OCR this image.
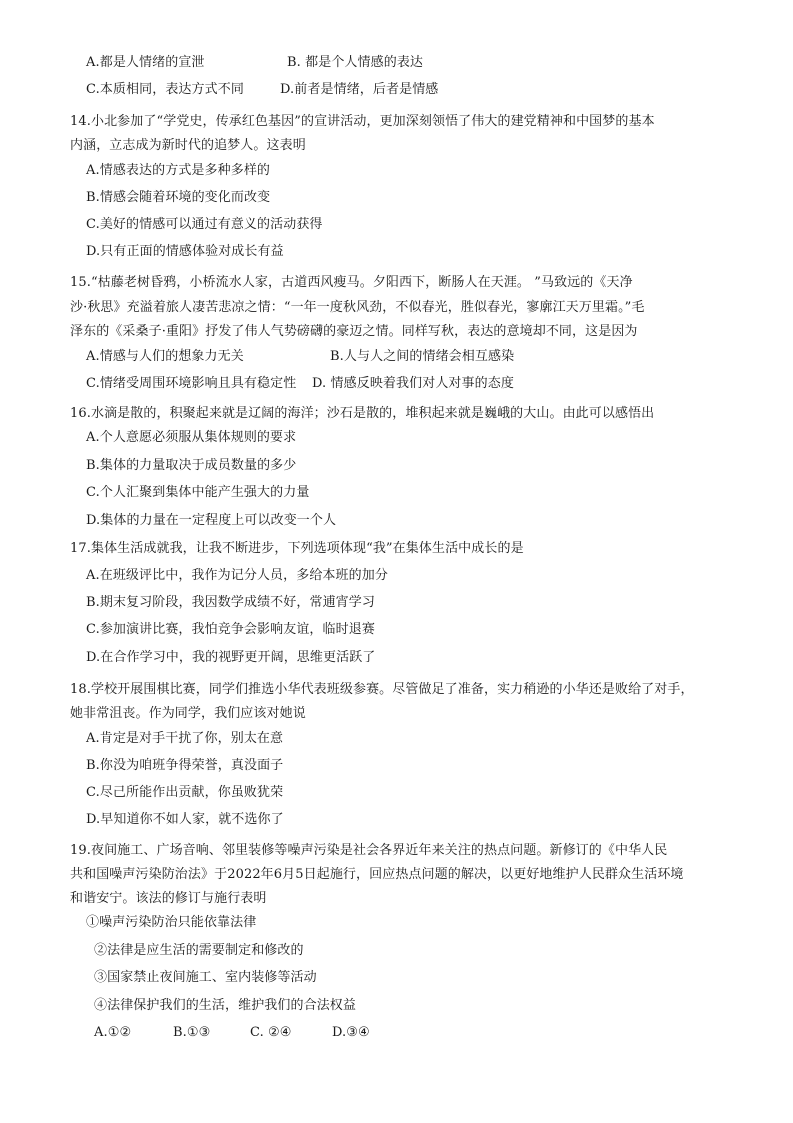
A.都是人情绪的宣泄	B. 都是个人情感的表达
C.本质相同，表达方式不同	D.前者是情绪，后者是情感
14.小北参加了“学党史，传承红色基因”的宣讲活动，更加深刻领悟了伟大的建党精神和中国梦的基本
内涵，立志成为新时代的追梦人。这表明
A.情感表达的方式是多种多样的
B.情感会随着环境的变化而改变
C.美好的情感可以通过有意义的活动获得
D.只有正面的情感体验对成长有益
15.“枯藤老树昏鸦，小桥流水人家，古道西风瘦马。夕阳西下，断肠人在天涯。 ”马致远的《天净
沙·秋思》充溢着旅人凄苦悲凉之情：“一年一度秋风劲，不似春光，胜似春光，寥廓江天万里霜。”毛
泽东的《采桑子·重阳》抒发了伟人气势磅礴的豪迈之情。同样写秋，表达的意境却不同，这是因为
A.情感与人们的想象力无关	B.人与人之间的情绪会相互感染
C.情绪受周围环境影响且具有稳定性 D. 情感反映着我们对人对事的态度
16.水滴是散的，积聚起来就是辽阔的海洋；沙石是散的，堆积起来就是巍峨的大山。由此可以感悟出
A.个人意愿必须服从集体规则的要求
B.集体的力量取决于成员数量的多少
C.个人汇聚到集体中能产生强大的力量
D.集体的力量在一定程度上可以改变一个人
17.集体生活成就我，让我不断进步，下列选项体现“我”在集体生活中成长的是
A.在班级评比中，我作为记分人员，多给本班的加分
B.期末复习阶段，我因数学成绩不好，常逋宵学习
C.参加演讲比赛，我怕竞争会影响友谊，临时退赛
D.在合作学习中，我的视野更开阔，思维更活跃了
18.学校开展围棋比赛，同学们推选小华代表班级参赛。尽管做足了准备，实力稍逊的小华还是败给了对手，
她非常沮丧。作为同学，我们应该对她说
A.肯定是对手干扰了你，别太在意
B.你没为咱班争得荣誉，真没面子
C.尽己所能作出贡献，你虽败犹荣
D.早知道你不如人家，就不选你了
19.夜间施工、广场音响、邻里装修等噪声污染是社会各界近年来关注的热点问题。新修订的《中华人民
共和国噪声污染防治法》于2022年6月5日起施行，回应热点问题的解决，以更好地维护人民群众生活环境
和谐安宁。该法的修订与施行表明
①噪声污染防治只能依靠法律
②法律是应生活的需要制定和修改的
③国家禁止夜间施工、室内装修等活动
④法律保护我们的生活，维护我们的合法权益
A.①②	B.①③	C. ②④	D.③④
